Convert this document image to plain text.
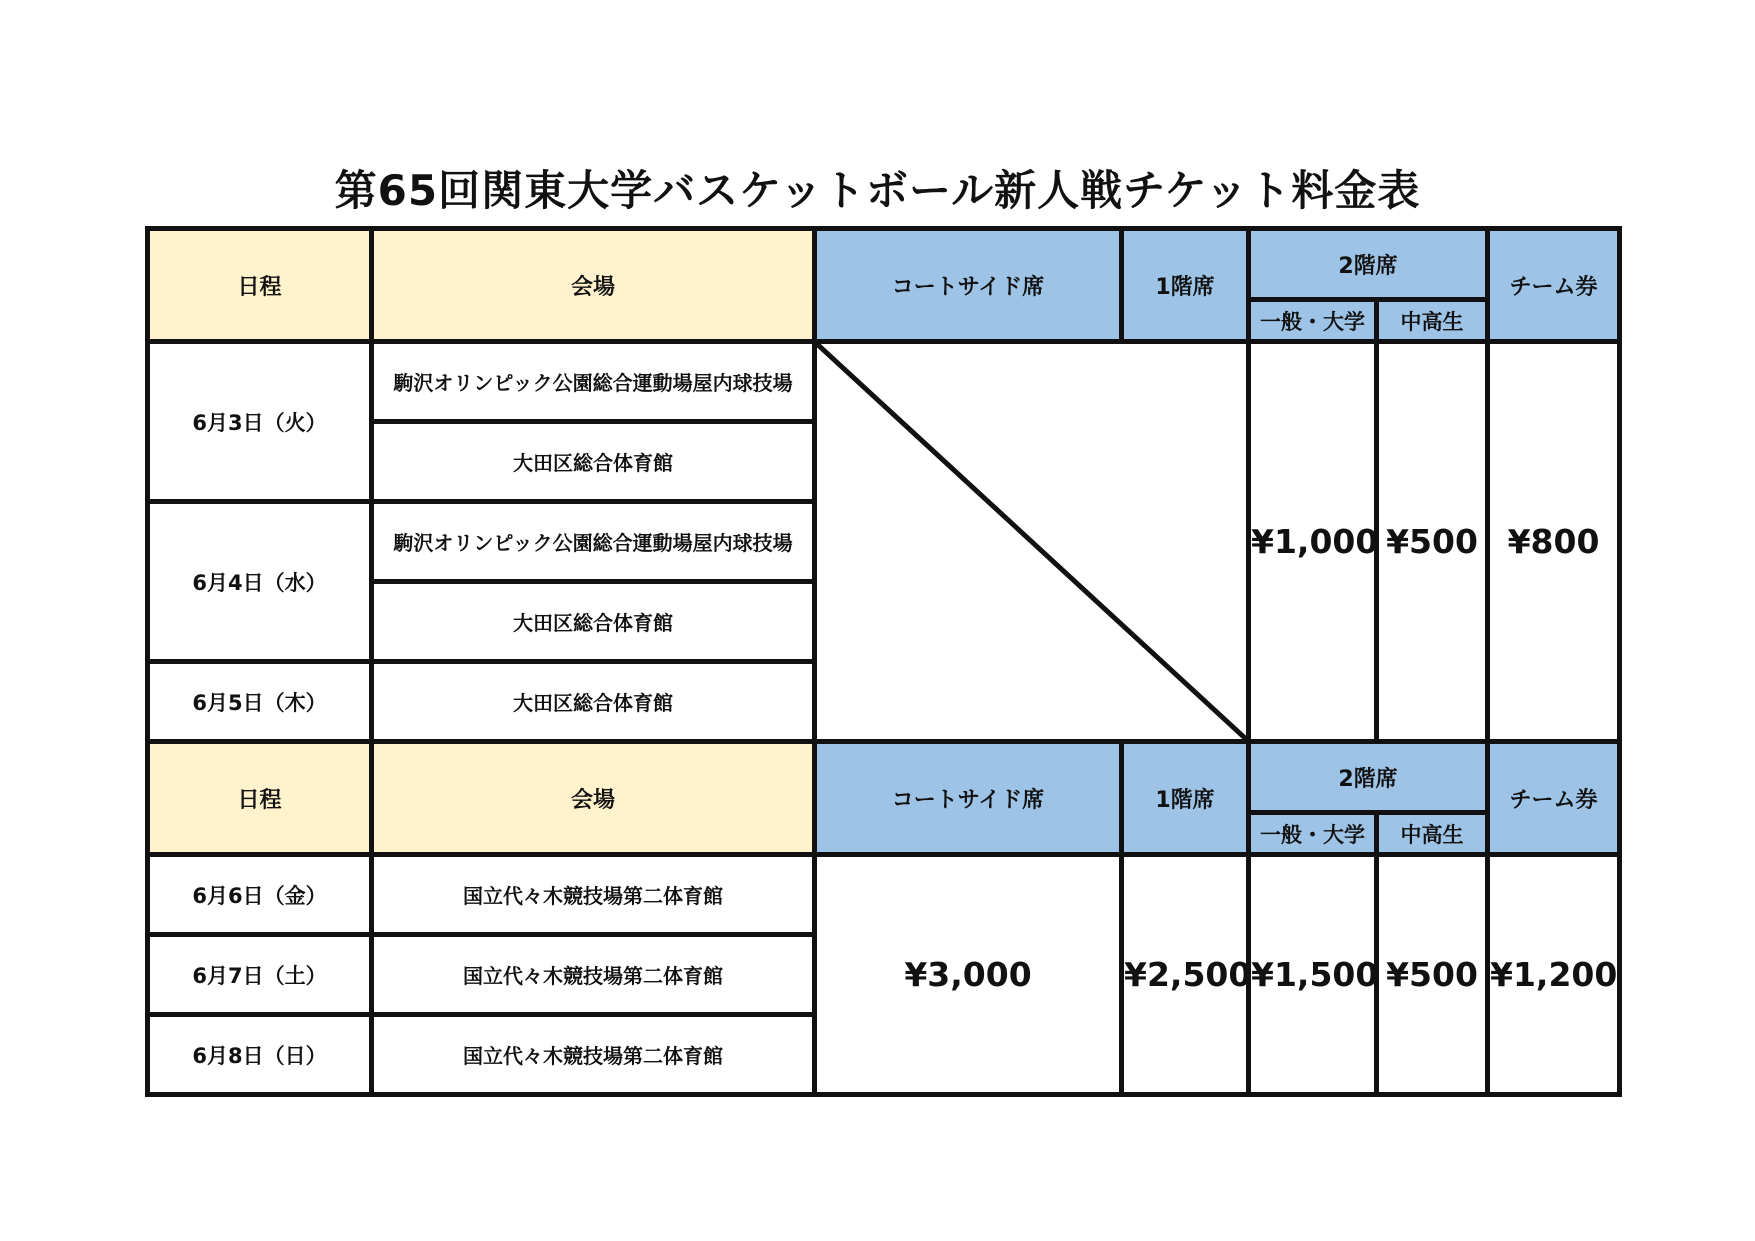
第65回関東大学バスケットボール新人戦チケット料金表
日程	会場	コートサイド席	1階席	2階席		チーム券
				一般・大学	中高生	
6月3日（火）	駒沢オリンピック公園総合運動場屋内球技場			¥1,000	¥500	¥800
	大田区総合体育館					
6月4日（水）	駒沢オリンピック公園総合運動場屋内球技場					
	大田区総合体育館					
6月5日（木）	大田区総合体育館					
日程	会場	コートサイド席	1階席	2階席		チーム券
				一般・大学	中高生	
6月6日（金）	国立代々木競技場第二体育館	¥3,000	¥2,500	¥1,500	¥500	¥1,200
6月7日（土）	国立代々木競技場第二体育館					
6月8日（日）	国立代々木競技場第二体育館					
